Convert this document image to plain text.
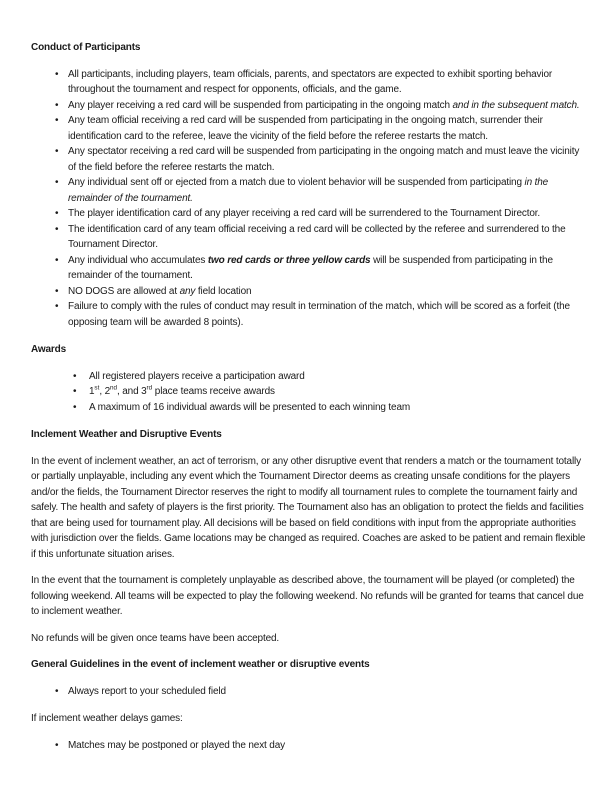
Conduct of Participants

• All participants, including players, team officials, parents, and spectators are expected to exhibit sporting behavior throughout the tournament and respect for opponents, officials, and the game.
• Any player receiving a red card will be suspended from participating in the ongoing match and in the subsequent match.
• Any team official receiving a red card will be suspended from participating in the ongoing match, surrender their identification card to the referee, leave the vicinity of the field before the referee restarts the match.
• Any spectator receiving a red card will be suspended from participating in the ongoing match and must leave the vicinity of the field before the referee restarts the match.
• Any individual sent off or ejected from a match due to violent behavior will be suspended from participating in the remainder of the tournament.
• The player identification card of any player receiving a red card will be surrendered to the Tournament Director.
• The identification card of any team official receiving a red card will be collected by the referee and surrendered to the Tournament Director.
• Any individual who accumulates two red cards or three yellow cards will be suspended from participating in the remainder of the tournament.
• NO DOGS are allowed at any field location
• Failure to comply with the rules of conduct may result in termination of the match, which will be scored as a forfeit (the opposing team will be awarded 8 points).

Awards

• All registered players receive a participation award
• 1st, 2nd, and 3rd place teams receive awards
• A maximum of 16 individual awards will be presented to each winning team

Inclement Weather and Disruptive Events

In the event of inclement weather, an act of terrorism, or any other disruptive event that renders a match or the tournament totally or partially unplayable, including any event which the Tournament Director deems as creating unsafe conditions for the players and/or the fields, the Tournament Director reserves the right to modify all tournament rules to complete the tournament fairly and safely. The health and safety of players is the first priority. The Tournament also has an obligation to protect the fields and facilities that are being used for tournament play. All decisions will be based on field conditions with input from the appropriate authorities with jurisdiction over the fields. Game locations may be changed as required. Coaches are asked to be patient and remain flexible if this unfortunate situation arises.

In the event that the tournament is completely unplayable as described above, the tournament will be played (or completed) the following weekend. All teams will be expected to play the following weekend. No refunds will be granted for teams that cancel due to inclement weather.

No refunds will be given once teams have been accepted.

General Guidelines in the event of inclement weather or disruptive events

• Always report to your scheduled field

If inclement weather delays games:

• Matches may be postponed or played the next day
